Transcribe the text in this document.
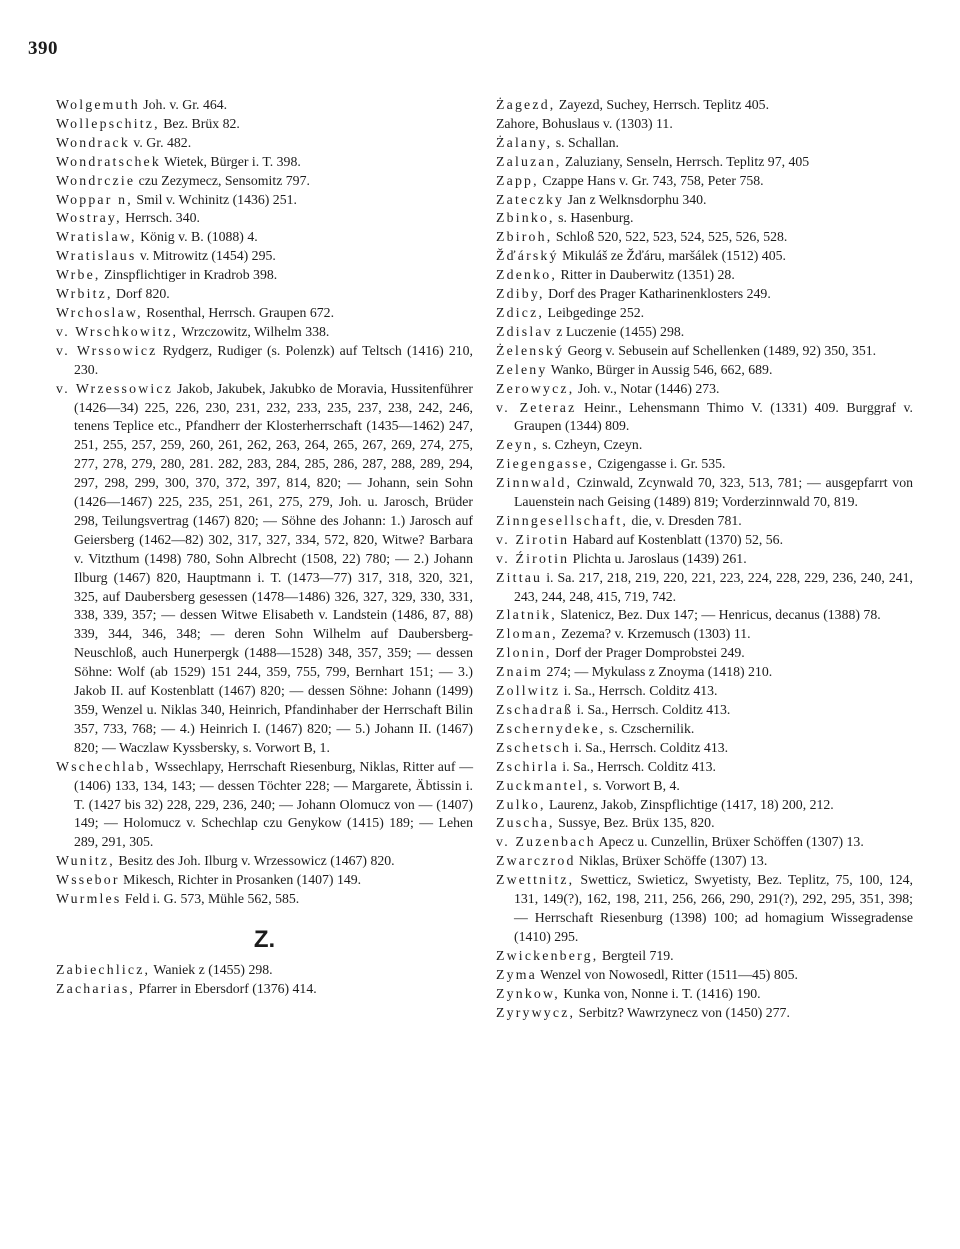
390

Wolgemuth Joh. v. Gr. 464.

Wollepschitz, Bez. Brüx 82.

Wondrack v. Gr. 482.

Wondratschek Wietek, Bürger i. T. 398.

Wondrczie czu Zezymecz, Sensomitz 797.

Woppar n, Smil v. Wchinitz (1436) 251.

Wostray, Herrsch. 340.

Wratislaw, König v. B. (1088) 4.

Wratislaus v. Mitrowitz (1454) 295.

Wrbe, Zinspflichtiger in Kradrob 398.

Wrbitz, Dorf 820.

Wrchoslaw, Rosenthal, Herrsch. Graupen 672.

v. Wrschkowitz, Wrzczowitz, Wilhelm 338.

v. Wrssowicz Rydgerz, Rudiger (s. Polenzk) auf Teltsch (1416) 210, 230.

v. Wrzessowicz Jakob, Jakubek, Jakubko de Moravia, Hussitenführer (1426—34) 225, 226, 230, 231, 232, 233, 235, 237, 238, 242, 246, tenens Teplice etc., Pfandherr der Klosterherrschaft (1435—1462) 247, 251, 255, 257, 259, 260, 261, 262, 263, 264, 265, 267, 269, 274, 275, 277, 278, 279, 280, 281. 282, 283, 284, 285, 286, 287, 288, 289, 294, 297, 298, 299, 300, 370, 372, 397, 814, 820; — Johann, sein Sohn (1426—1467) 225, 235, 251, 261, 275, 279, Joh. u. Jarosch, Brüder 298, Teilungsvertrag (1467) 820; — Söhne des Johann: 1.) Jarosch auf Geiersberg (1462—82) 302, 317, 327, 334, 572, 820, Witwe? Barbara v. Vitzthum (1498) 780, Sohn Albrecht (1508, 22) 780; — 2.) Johann Ilburg (1467) 820, Hauptmann i. T. (1473—77) 317, 318, 320, 321, 325, auf Daubersberg gesessen (1478—1486) 326, 327, 329, 330, 331, 338, 339, 357; — dessen Witwe Elisabeth v. Landstein (1486, 87, 88) 339, 344, 346, 348; — deren Sohn Wilhelm auf Daubersberg-Neuschloß, auch Hunerpergk (1488—1528) 348, 357, 359; — dessen Söhne: Wolf (ab 1529) 151 244, 359, 755, 799, Bernhart 151; — 3.) Jakob II. auf Kostenblatt (1467) 820; — dessen Söhne: Johann (1499) 359, Wenzel u. Niklas 340, Heinrich, Pfandinhaber der Herrschaft Bilin 357, 733, 768; — 4.) Heinrich I. (1467) 820; — 5.) Johann II. (1467) 820; — Waczlaw Kyssbersky, s. Vorwort B, 1.

Wschechlab, Wssechlapy, Herrschaft Riesenburg, Niklas, Ritter auf — (1406) 133, 134, 143; — dessen Töchter 228; — Margarete, Äbtissin i. T. (1427 bis 32) 228, 229, 236, 240; — Johann Olomucz von — (1407) 149; — Holomucz v. Schechlap czu Genykow (1415) 189; — Lehen 289, 291, 305.

Wunitz, Besitz des Joh. Ilburg v. Wrzessowicz (1467) 820.

Wssebor Mikesch, Richter in Prosanken (1407) 149.

Wurmles Feld i. G. 573, Mühle 562, 585.

Z.

Zabiechlicz, Waniek z (1455) 298.

Zacharias, Pfarrer in Ebersdorf (1376) 414.

Żagezd, Zayezd, Suchey, Herrsch. Teplitz 405.

Zahore, Bohuslaus v. (1303) 11.

Żalany, s. Schallan.

Zaluzan, Zaluziany, Senseln, Herrsch. Teplitz 97, 405

Zapp, Czappe Hans v. Gr. 743, 758, Peter 758.

Zateczky Jan z Welknsdorphu 340.

Zbinko, s. Hasenburg.

Zbiroh, Schloß 520, 522, 523, 524, 525, 526, 528.

Žďárský Mikuláš ze Žďáru, maršálek (1512) 405.

Zdenko, Ritter in Dauberwitz (1351) 28.

Zdiby, Dorf des Prager Katharinenklosters 249.

Zdicz, Leibgedinge 252.

Zdislav z Luczenie (1455) 298.

Żelenský Georg v. Sebusein auf Schellenken (1489, 92) 350, 351.

Zeleny Wanko, Bürger in Aussig 546, 662, 689.

Zerowycz, Joh. v., Notar (1446) 273.

v. Zeteraz Heinr., Lehensmann Thimo V. (1331) 409. Burggraf v. Graupen (1344) 809.

Zeyn, s. Czheyn, Czeyn.

Ziegengasse, Czigengasse i. Gr. 535.

Zinnwald, Czinwald, Zcynwald 70, 323, 513, 781; — ausgepfarrt von Lauenstein nach Geising (1489) 819; Vorderzinnwald 70, 819.

Zinngesellschaft, die, v. Dresden 781.

v. Zirotin Habard auf Kostenblatt (1370) 52, 56.

v. Źirotin Plichta u. Jaroslaus (1439) 261.

Zittau i. Sa. 217, 218, 219, 220, 221, 223, 224, 228, 229, 236, 240, 241, 243, 244, 248, 415, 719, 742.

Zlatnik, Slatenicz, Bez. Dux 147; — Henricus, decanus (1388) 78.

Zloman, Zezema? v. Krzemusch (1303) 11.

Zlonin, Dorf der Prager Domprobstei 249.

Znaim 274; — Mykulass z Znoyma (1418) 210.

Zollwitz i. Sa., Herrsch. Colditz 413.

Zschadraß i. Sa., Herrsch. Colditz 413.

Zschernydeke, s. Czschernilik.

Zschetsch i. Sa., Herrsch. Colditz 413.

Zschirla i. Sa., Herrsch. Colditz 413.

Zuckmantel, s. Vorwort B, 4.

Zulko, Laurenz, Jakob, Zinspflichtige (1417, 18) 200, 212.

Zuscha, Sussye, Bez. Brüx 135, 820.

v. Zuzenbach Apecz u. Cunzellin, Brüxer Schöffen (1307) 13.

Zwarczrod Niklas, Brüxer Schöffe (1307) 13.

Zwettnitz, Swetticz, Swieticz, Swyetisty, Bez. Teplitz, 75, 100, 124, 131, 149(?), 162, 198, 211, 256, 266, 290, 291(?), 292, 295, 351, 398; — Herrschaft Riesenburg (1398) 100; ad homagium Wissegradense (1410) 295.

Zwickenberg, Bergteil 719.

Zyma Wenzel von Nowosedl, Ritter (1511—45) 805.

Zynkow, Kunka von, Nonne i. T. (1416) 190.

Zyrywycz, Serbitz? Wawrzynecz von (1450) 277.
